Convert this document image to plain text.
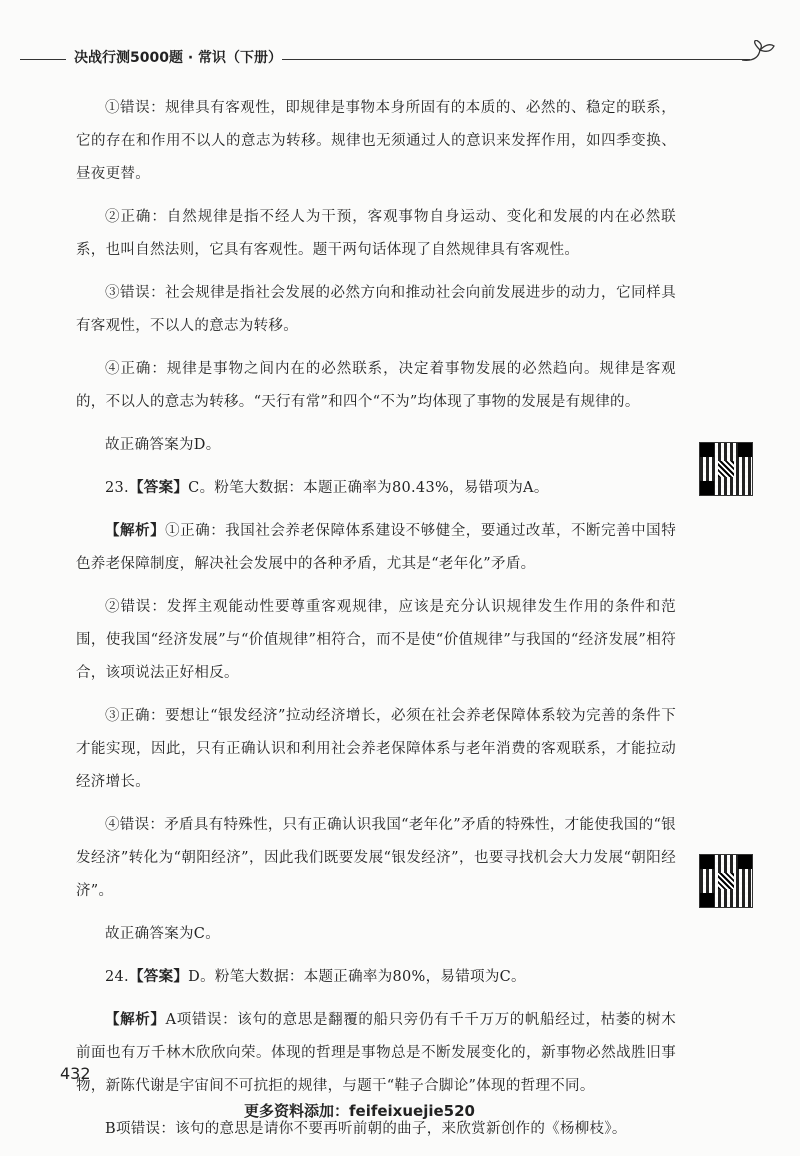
决战行测5000题 · 常识（下册）

①错误：规律具有客观性，即规律是事物本身所固有的本质的、必然的、稳定的联系，它的存在和作用不以人的意志为转移。规律也无须通过人的意识来发挥作用，如四季变换、昼夜更替。

②正确：自然规律是指不经人为干预，客观事物自身运动、变化和发展的内在必然联系，也叫自然法则，它具有客观性。题干两句话体现了自然规律具有客观性。

③错误：社会规律是指社会发展的必然方向和推动社会向前发展进步的动力，它同样具有客观性，不以人的意志为转移。

④正确：规律是事物之间内在的必然联系，决定着事物发展的必然趋向。规律是客观的，不以人的意志为转移。“天行有常”和四个“不为”均体现了事物的发展是有规律的。

故正确答案为D。

23.【答案】C。粉笔大数据：本题正确率为80.43%，易错项为A。

【解析】①正确：我国社会养老保障体系建设不够健全，要通过改革，不断完善中国特色养老保障制度，解决社会发展中的各种矛盾，尤其是“老年化”矛盾。

②错误：发挥主观能动性要尊重客观规律，应该是充分认识规律发生作用的条件和范围，使我国“经济发展”与“价值规律”相符合，而不是使“价值规律”与我国的“经济发展”相符合，该项说法正好相反。

③正确：要想让“银发经济”拉动经济增长，必须在社会养老保障体系较为完善的条件下才能实现，因此，只有正确认识和利用社会养老保障体系与老年消费的客观联系，才能拉动经济增长。

④错误：矛盾具有特殊性，只有正确认识我国“老年化”矛盾的特殊性，才能使我国的“银发经济”转化为“朝阳经济”，因此我们既要发展“银发经济”，也要寻找机会大力发展“朝阳经济”。

故正确答案为C。

24.【答案】D。粉笔大数据：本题正确率为80%，易错项为C。

【解析】A项错误：该句的意思是翻覆的船只旁仍有千千万万的帆船经过，枯萎的树木前面也有万千林木欣欣向荣。体现的哲理是事物总是不断发展变化的，新事物必然战胜旧事物，新陈代谢是宇宙间不可抗拒的规律，与题干“鞋子合脚论”体现的哲理不同。

B项错误：该句的意思是请你不要再听前朝的曲子，来欣赏新创作的《杨柳枝》。

432
更多资料添加：feifeixuejie520
